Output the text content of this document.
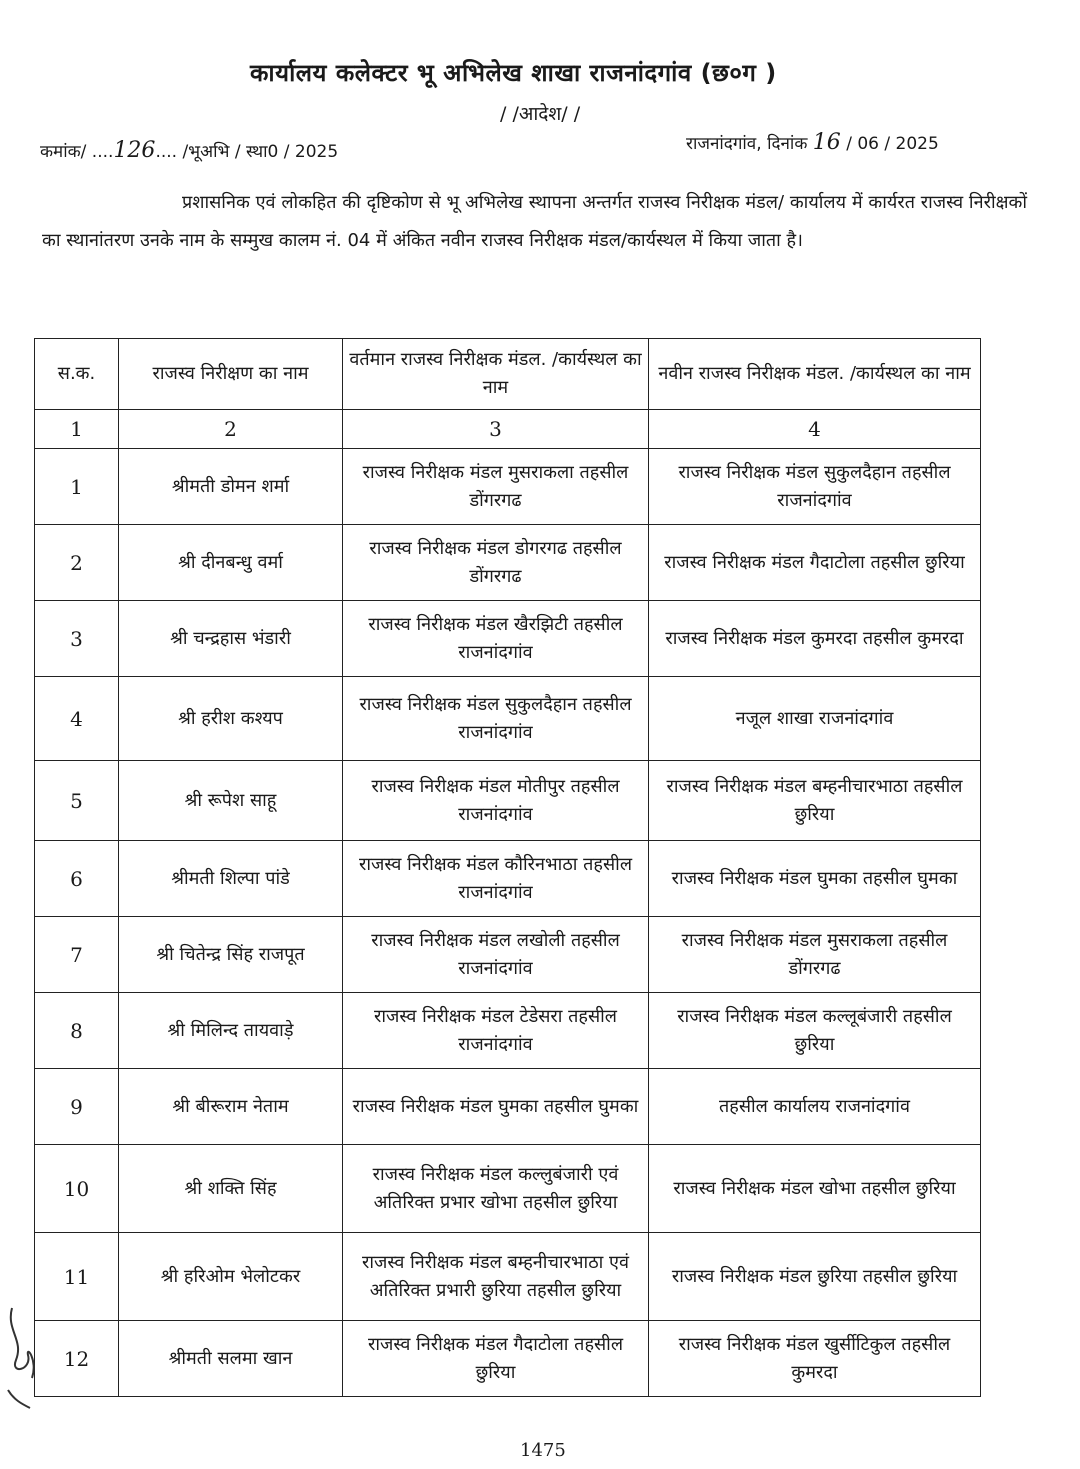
कार्यालय कलेक्टर भू अभिलेख शाखा राजनांदगांव (छ०ग )
/ /आदेश/ /
कमांक/ ....126.... /भूअभि / स्था0 / 2025	राजनांदगांव, दिनांक 16 / 06 / 2025
प्रशासनिक एवं लोकहित की दृष्टिकोण से भू अभिलेख स्थापना अन्तर्गत राजस्व निरीक्षक मंडल/ कार्यालय में कार्यरत राजस्व निरीक्षकों का स्थानांतरण उनके नाम के सम्मुख कालम नं. 04 में अंकित नवीन राजस्व निरीक्षक मंडल/कार्यस्थल में किया जाता है।
स.क.	राजस्व निरीक्षण का नाम	वर्तमान राजस्व निरीक्षक मंडल. /कार्यस्थल का नाम	नवीन राजस्व निरीक्षक मंडल. /कार्यस्थल का नाम
1	2	3	4
1	श्रीमती डोमन शर्मा	राजस्व निरीक्षक मंडल मुसराकला तहसील डोंगरगढ	राजस्व निरीक्षक मंडल सुकुलदैहान तहसील राजनांदगांव
2	श्री दीनबन्धु वर्मा	राजस्व निरीक्षक मंडल डोगरगढ तहसील डोंगरगढ	राजस्व निरीक्षक मंडल गैदाटोला तहसील छुरिया
3	श्री चन्द्रहास भंडारी	राजस्व निरीक्षक मंडल खैरझिटी तहसील राजनांदगांव	राजस्व निरीक्षक मंडल कुमरदा तहसील कुमरदा
4	श्री हरीश कश्यप	राजस्व निरीक्षक मंडल सुकुलदैहान तहसील राजनांदगांव	नजूल शाखा राजनांदगांव
5	श्री रूपेश साहू	राजस्व निरीक्षक मंडल मोतीपुर तहसील राजनांदगांव	राजस्व निरीक्षक मंडल बम्हनीचारभाठा तहसील छुरिया
6	श्रीमती शिल्पा पांडे	राजस्व निरीक्षक मंडल कौरिनभाठा तहसील राजनांदगांव	राजस्व निरीक्षक मंडल घुमका तहसील घुमका
7	श्री चितेन्द्र सिंह राजपूत	राजस्व निरीक्षक मंडल लखोली तहसील राजनांदगांव	राजस्व निरीक्षक मंडल मुसराकला तहसील डोंगरगढ
8	श्री मिलिन्द तायवाड़े	राजस्व निरीक्षक मंडल टेडेसरा तहसील राजनांदगांव	राजस्व निरीक्षक मंडल कल्लूबंजारी तहसील छुरिया
9	श्री बीरूराम नेताम	राजस्व निरीक्षक मंडल घुमका तहसील घुमका	तहसील कार्यालय राजनांदगांव
10	श्री शक्ति सिंह	राजस्व निरीक्षक मंडल कल्लुबंजारी एवं अतिरिक्त प्रभार खोभा तहसील छुरिया	राजस्व निरीक्षक मंडल खोभा तहसील छुरिया
11	श्री हरिओम भेलोटकर	राजस्व निरीक्षक मंडल बम्हनीचारभाठा एवं अतिरिक्त प्रभारी छुरिया तहसील छुरिया	राजस्व निरीक्षक मंडल छुरिया तहसील छुरिया
12	श्रीमती सलमा खान	राजस्व निरीक्षक मंडल गैदाटोला तहसील छुरिया	राजस्व निरीक्षक मंडल खुर्सीटिकुल तहसील कुमरदा
1475
